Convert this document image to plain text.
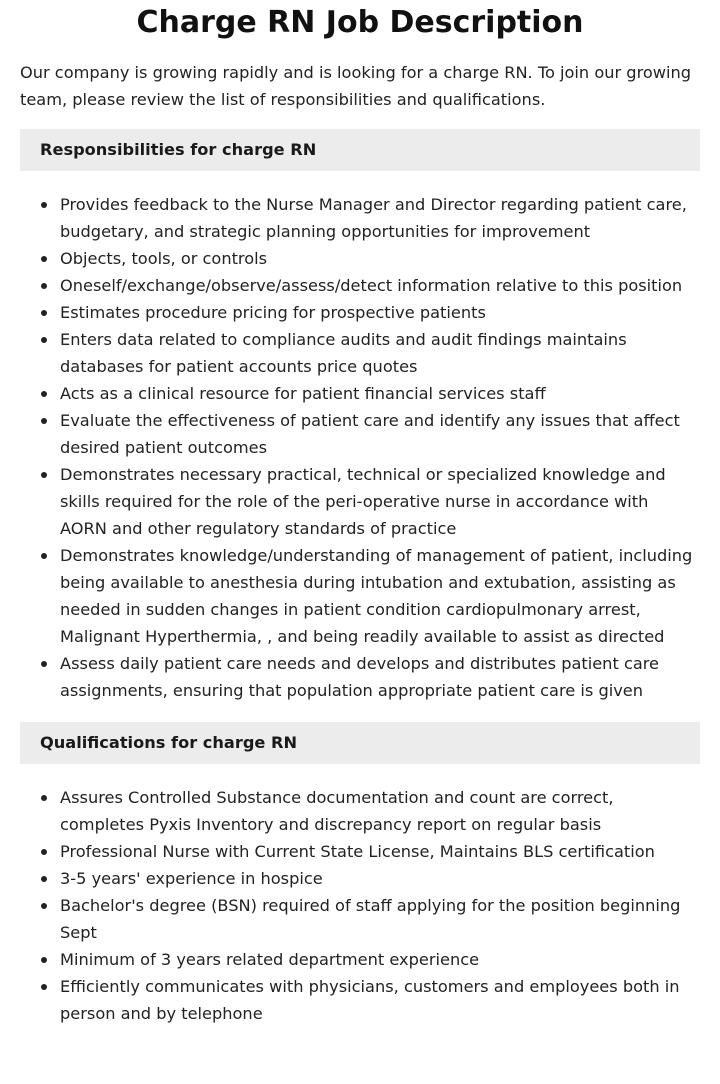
Charge RN Job Description

Our company is growing rapidly and is looking for a charge RN. To join our growing team, please review the list of responsibilities and qualifications.

Responsibilities for charge RN
Provides feedback to the Nurse Manager and Director regarding patient care, budgetary, and strategic planning opportunities for improvement
Objects, tools, or controls
Oneself/exchange/observe/assess/detect information relative to this position
Estimates procedure pricing for prospective patients
Enters data related to compliance audits and audit findings maintains databases for patient accounts price quotes
Acts as a clinical resource for patient financial services staff
Evaluate the effectiveness of patient care and identify any issues that affect desired patient outcomes
Demonstrates necessary practical, technical or specialized knowledge and skills required for the role of the peri-operative nurse in accordance with AORN and other regulatory standards of practice
Demonstrates knowledge/understanding of management of patient, including being available to anesthesia during intubation and extubation, assisting as needed in sudden changes in patient condition cardiopulmonary arrest, Malignant Hyperthermia, , and being readily available to assist as directed
Assess daily patient care needs and develops and distributes patient care assignments, ensuring that population appropriate patient care is given
Qualifications for charge RN
Assures Controlled Substance documentation and count are correct, completes Pyxis Inventory and discrepancy report on regular basis
Professional Nurse with Current State License, Maintains BLS certification
3-5 years' experience in hospice
Bachelor's degree (BSN) required of staff applying for the position beginning Sept
Minimum of 3 years related department experience
Efficiently communicates with physicians, customers and employees both in person and by telephone
